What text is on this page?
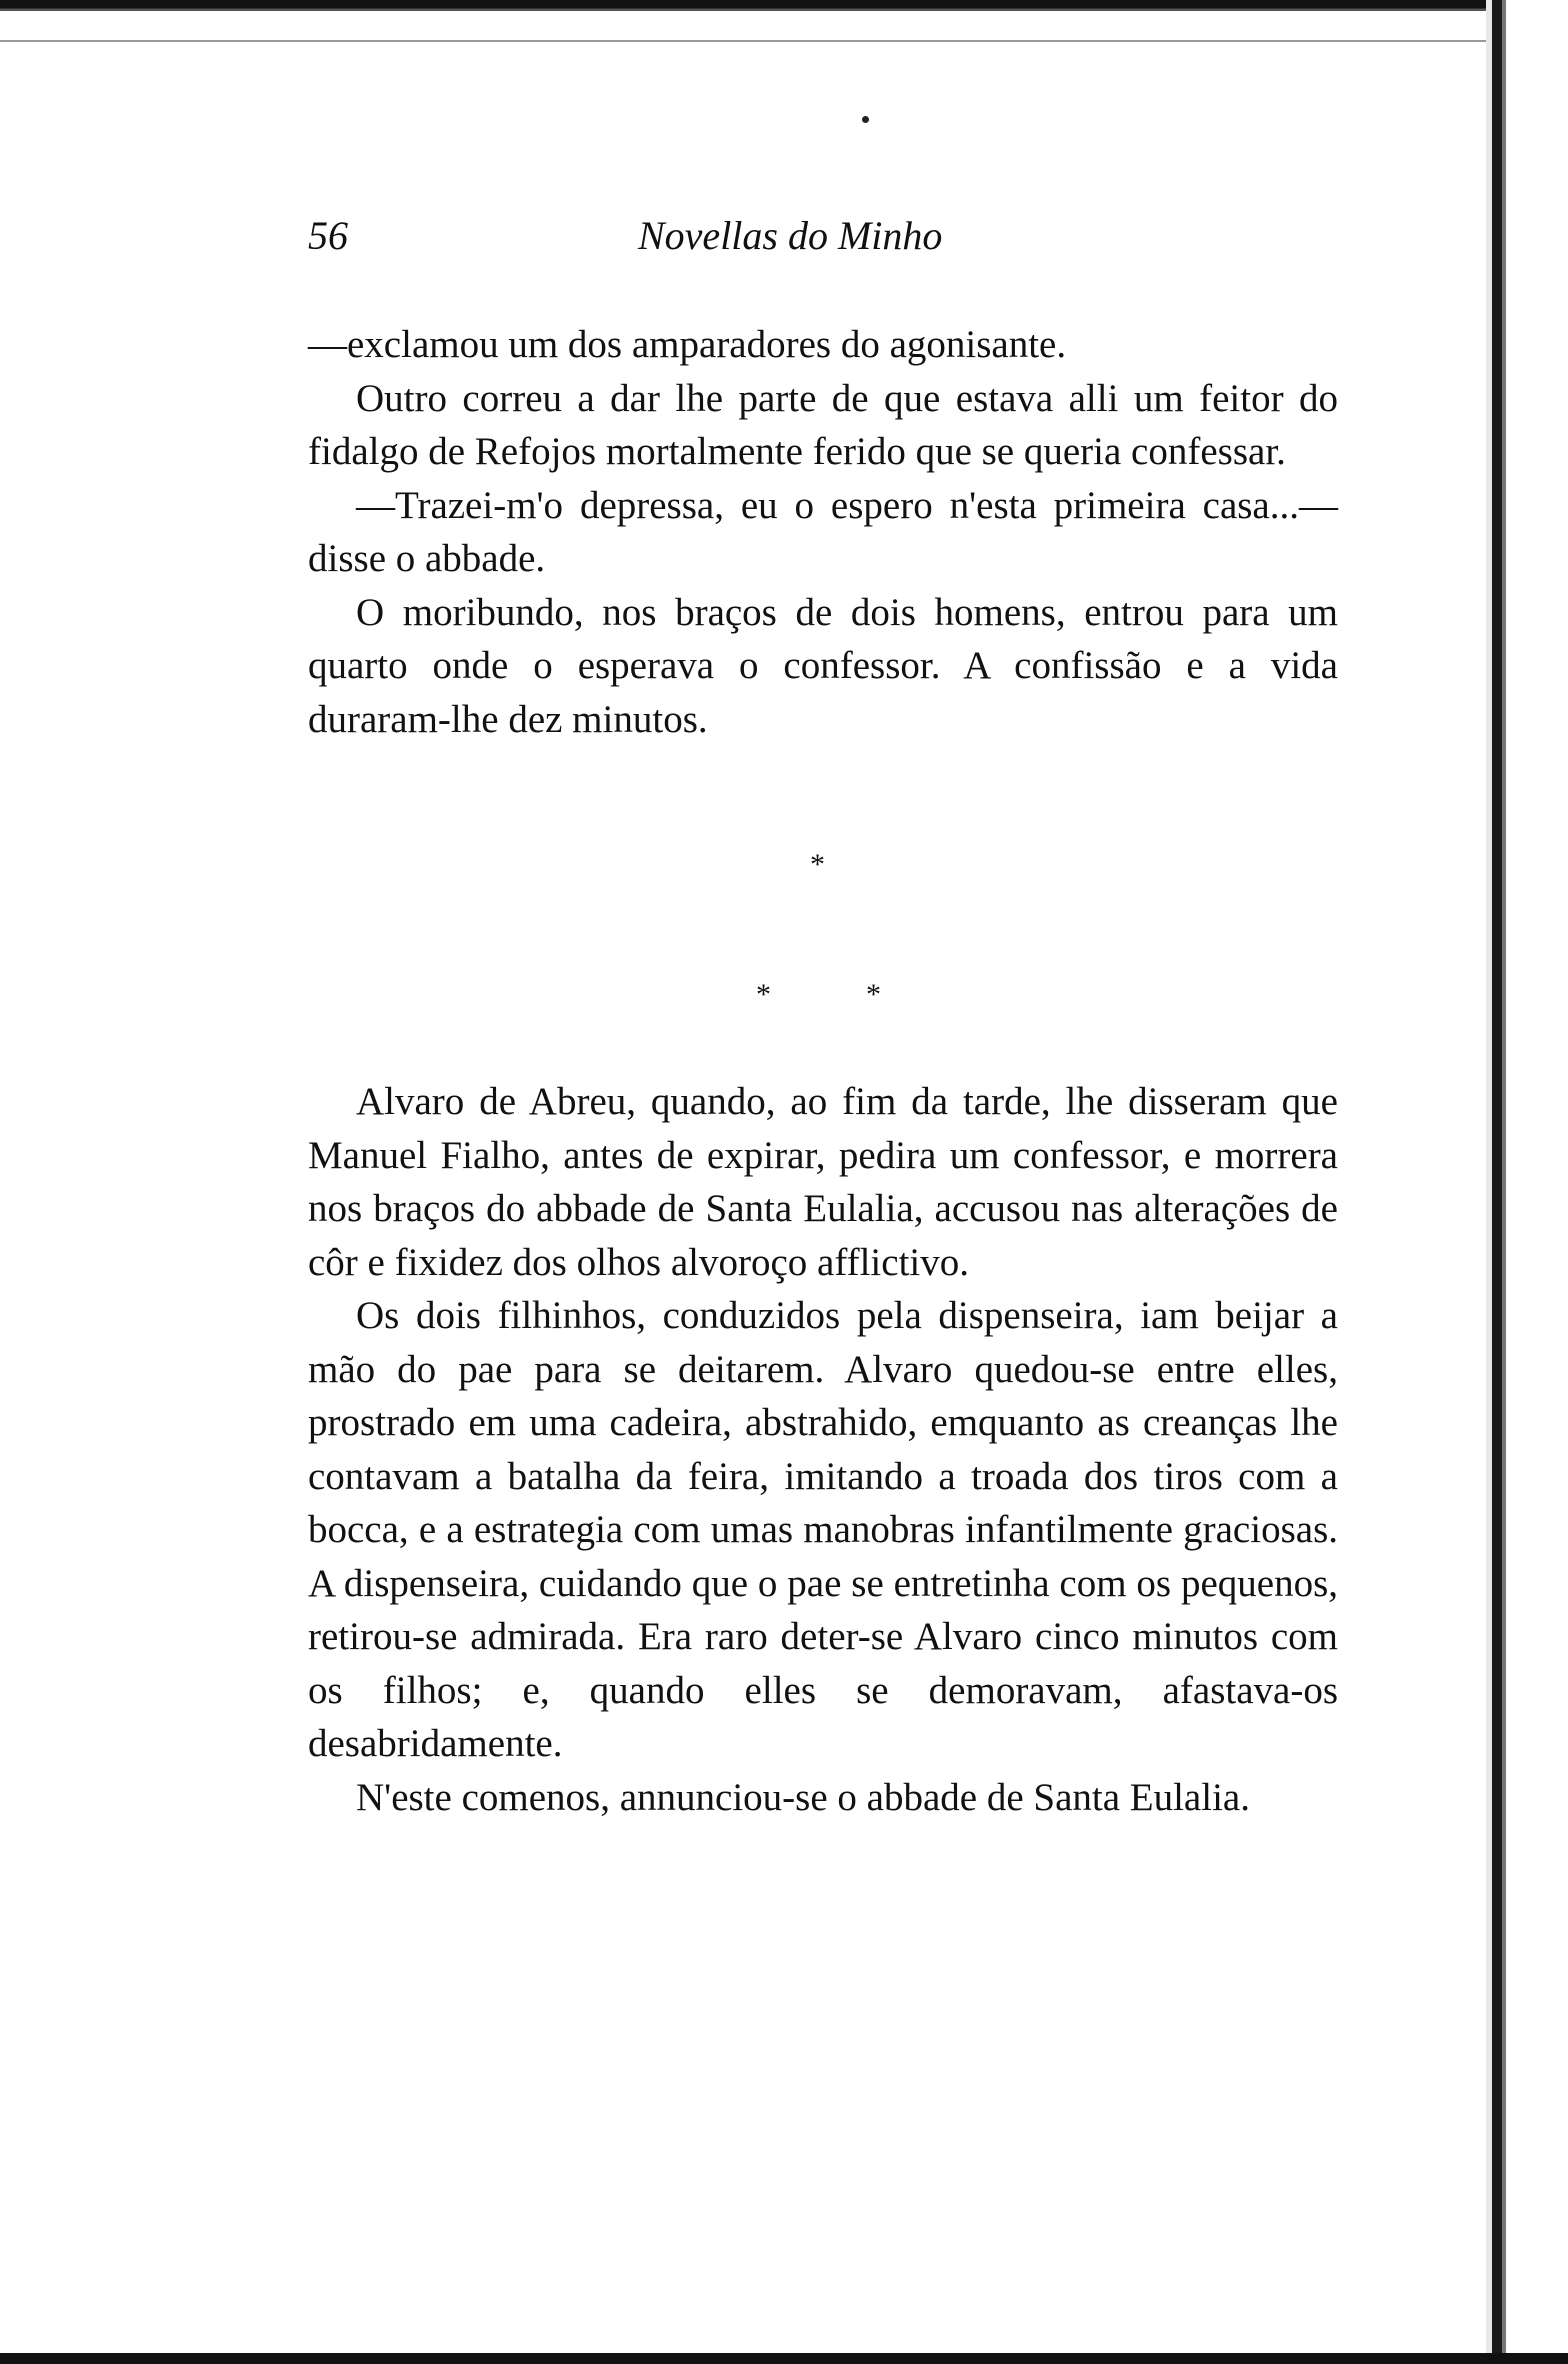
56	Novellas do Minho

—exclamou um dos amparadores do agonisante.

Outro correu a dar lhe parte de que estava alli um feitor do fidalgo de Refojos mortalmente ferido que se queria confessar.

—Trazei-m'o depressa, eu o espero n'esta primeira casa...— disse o abbade.

O moribundo, nos braços de dois homens, entrou para um quarto onde o esperava o confessor. A confissão e a vida duraram-lhe dez minutos.

*
*	*

Alvaro de Abreu, quando, ao fim da tarde, lhe disseram que Manuel Fialho, antes de expirar, pedira um confessor, e morrera nos braços do abbade de Santa Eulalia, accusou nas alterações de côr e fixidez dos olhos alvoroço afflictivo.

Os dois filhinhos, conduzidos pela dispenseira, iam beijar a mão do pae para se deitarem. Alvaro quedou-se entre elles, prostrado em uma cadeira, abstrahido, emquanto as creanças lhe contavam a batalha da feira, imitando a troada dos tiros com a bocca, e a estrategia com umas manobras infantilmente graciosas. A dispenseira, cuidando que o pae se entretinha com os pequenos, retirou-se admirada. Era raro deter-se Alvaro cinco minutos com os filhos; e, quando elles se demoravam, afastava-os desabridamente.

N'este comenos, annunciou-se o abbade de Santa Eulalia.
